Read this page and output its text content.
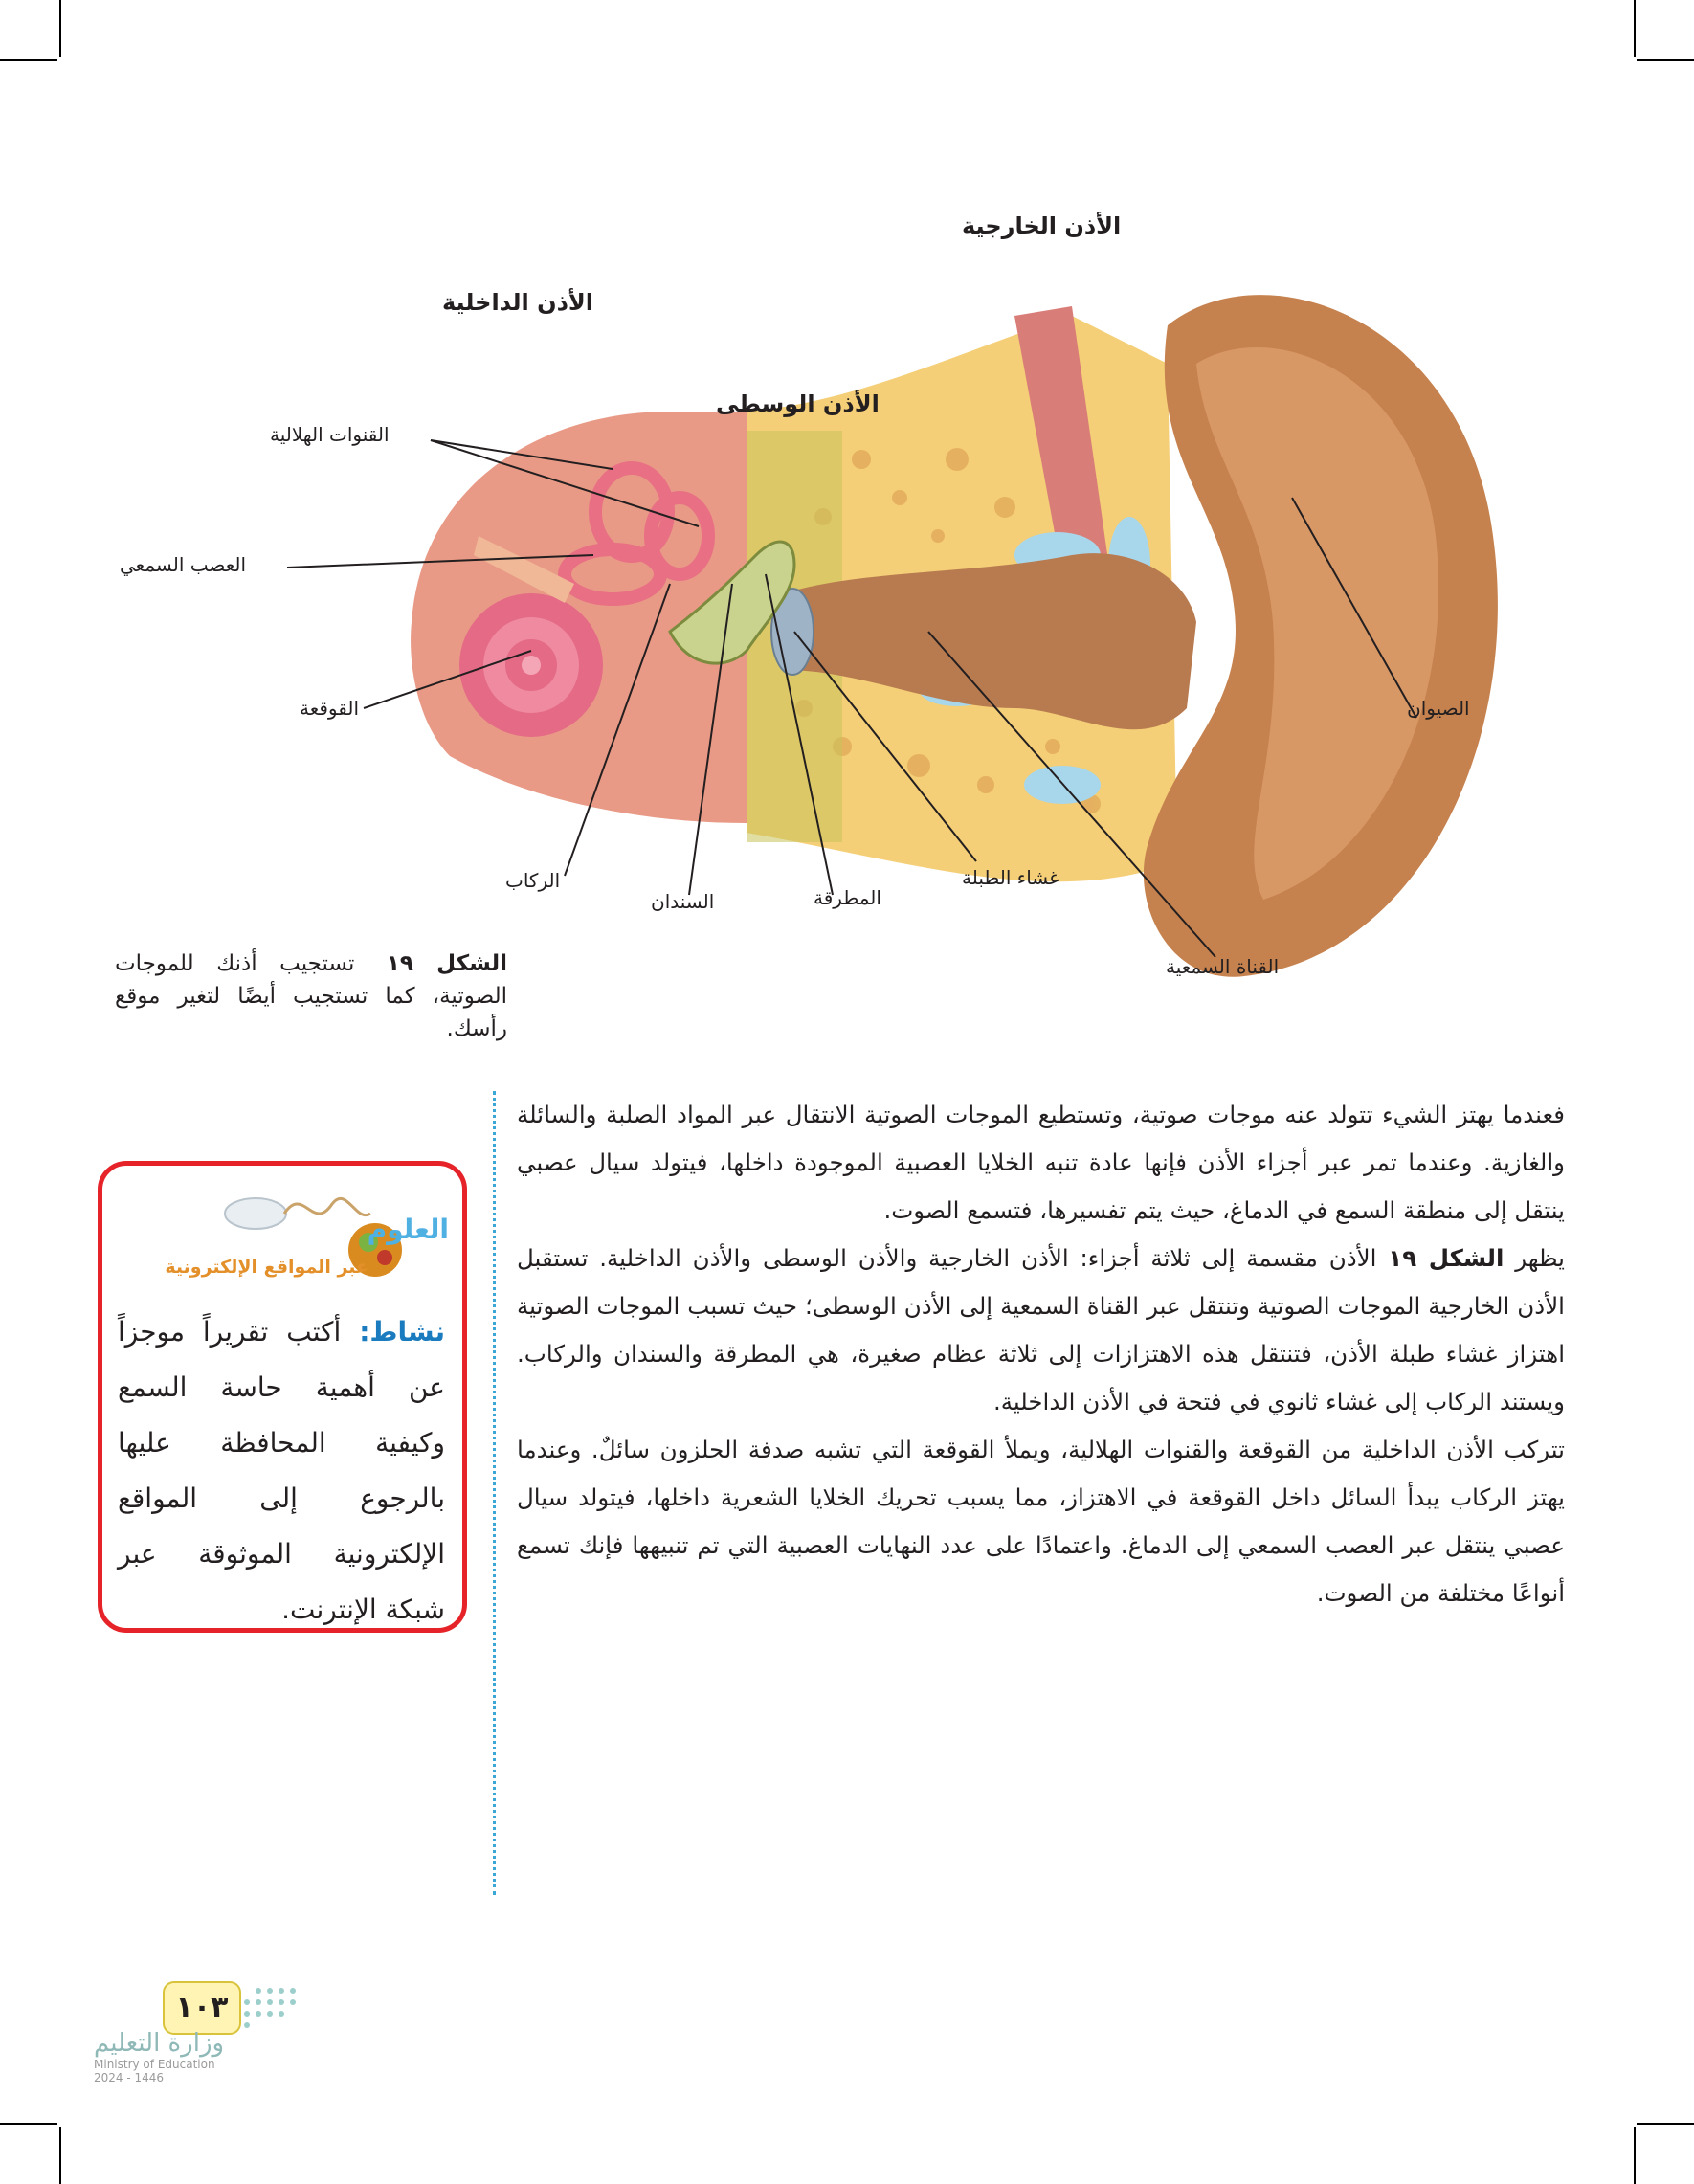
الأذن الخارجية
الأذن الداخلية
الأذن الوسطى
القنوات الهلالية
العصب السمعي
القوقعة
الركاب
السندان	المطرقة
غشاء الطبلة
القناة السمعية
الصيوان
الشكل ١٩ تستجيب أذنك للموجات الصوتية، كما تستجيب أيضًا لتغير موقع رأسك.

فعندما يهتز الشيء تتولد عنه موجات صوتية، وتستطيع الموجات الصوتية الانتقال عبر المواد الصلبة والسائلة والغازية. وعندما تمر عبر أجزاء الأذن فإنها عادة تنبه الخلايا العصبية الموجودة داخلها، فيتولد سيال عصبي ينتقل إلى منطقة السمع في الدماغ، حيث يتم تفسيرها، فتسمع الصوت.

يظهر الشكل ١٩ الأذن مقسمة إلى ثلاثة أجزاء: الأذن الخارجية والأذن الوسطى والأذن الداخلية. تستقبل الأذن الخارجية الموجات الصوتية وتنتقل عبر القناة السمعية إلى الأذن الوسطى؛ حيث تسبب الموجات الصوتية اهتزاز غشاء طبلة الأذن، فتنتقل هذه الاهتزازات إلى ثلاثة عظام صغيرة، هي المطرقة والسندان والركاب. ويستند الركاب إلى غشاء ثانوي في فتحة في الأذن الداخلية.

تتركب الأذن الداخلية من القوقعة والقنوات الهلالية، ويملأ القوقعة التي تشبه صدفة الحلزون سائلٌ. وعندما يهتز الركاب يبدأ السائل داخل القوقعة في الاهتزاز، مما يسبب تحريك الخلايا الشعرية داخلها، فيتولد سيال عصبي ينتقل عبر العصب السمعي إلى الدماغ. واعتمادًا على عدد النهايات العصبية التي تم تنبيهها فإنك تسمع أنواعًا مختلفة من الصوت.

العلوم
عبر المواقع الإلكترونية
نشاط: أكتب تقريراً موجزاً عن أهمية حاسة السمع وكيفية المحافظة عليها بالرجوع إلى المواقع الإلكترونية الموثوقة عبر شبكة الإنترنت.
١٠٣
وزارة التعليم
Ministry of Education
2024 - 1446
